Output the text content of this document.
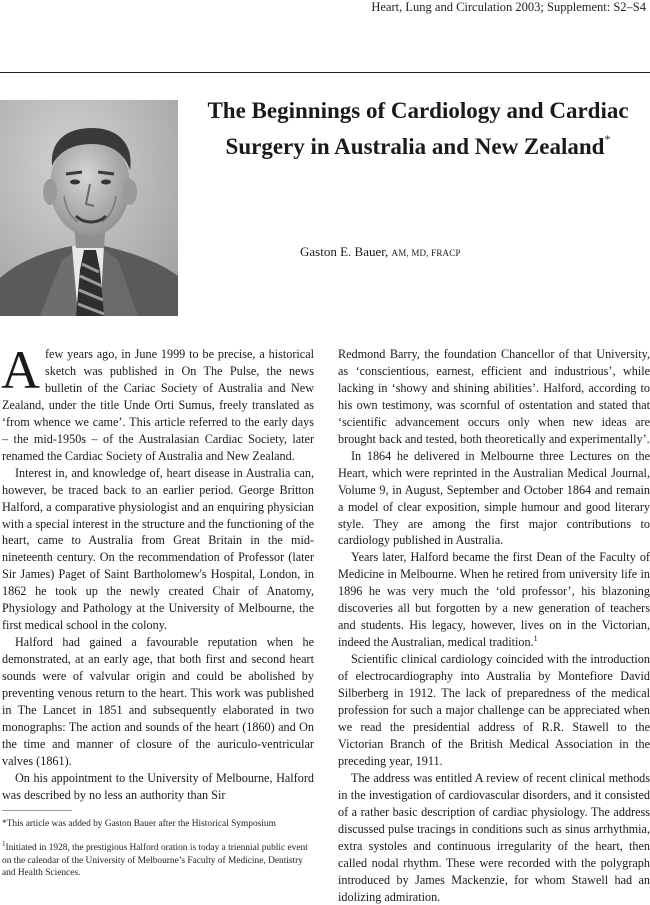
Heart, Lung and Circulation 2003; Supplement: S2–S4
The Beginnings of Cardiology and Cardiac Surgery in Australia and New Zealand*
Gaston E. Bauer, AM, MD, FRACP

Afew years ago, in June 1999 to be precise, a historical sketch was published in On The Pulse, the news bulletin of the Cariac Society of Australia and New Zealand, under the title Unde Orti Sumus, freely translated as ‘from whence we came’. This article referred to the early days – the mid-1950s – of the Australasian Cardiac Society, later renamed the Cardiac Society of Australia and New Zealand.

Interest in, and knowledge of, heart disease in Australia can, however, be traced back to an earlier period. George Britton Halford, a comparative physiologist and an enquiring physician with a special interest in the structure and the functioning of the heart, came to Australia from Great Britain in the mid-nineteenth century. On the recommendation of Professor (later Sir James) Paget of Saint Bartholomew's Hospital, London, in 1862 he took up the newly created Chair of Anatomy, Physiology and Pathology at the University of Melbourne, the first medical school in the colony.

Halford had gained a favourable reputation when he demonstrated, at an early age, that both first and second heart sounds were of valvular origin and could be abolished by preventing venous return to the heart. This work was published in The Lancet in 1851 and subsequently elaborated in two monographs: The action and sounds of the heart (1860) and On the time and manner of closure of the auriculo-ventricular valves (1861).

On his appointment to the University of Melbourne, Halford was described by no less an authority than Sir

Redmond Barry, the foundation Chancellor of that University, as ‘conscientious, earnest, efficient and industrious’, while lacking in ‘showy and shining abilities’. Halford, according to his own testimony, was scornful of ostentation and stated that ‘scientific advancement occurs only when new ideas are brought back and tested, both theoretically and experimentally’.

In 1864 he delivered in Melbourne three Lectures on the Heart, which were reprinted in the Australian Medical Journal, Volume 9, in August, September and October 1864 and remain a model of clear exposition, simple humour and good literary style. They are among the first major contributions to cardiology published in Australia.

Years later, Halford became the first Dean of the Faculty of Medicine in Melbourne. When he retired from university life in 1896 he was very much the ‘old professor’, his blazoning discoveries all but forgotten by a new generation of teachers and students. His legacy, however, lives on in the Victorian, indeed the Australian, medical tradition.$^1$

Scientific clinical cardiology coincided with the introduction of electrocardiography into Australia by Montefiore David Silberberg in 1912. The lack of preparedness of the medical profession for such a major challenge can be appreciated when we read the presidential address of R.R. Stawell to the Victorian Branch of the British Medical Association in the preceding year, 1911.

The address was entitled A review of recent clinical methods in the investigation of cardiovascular disorders, and it consisted of a rather basic description of cardiac physiology. The address discussed pulse tracings in conditions such as sinus arrhythmia, extra systoles and continuous irregularity of the heart, then called nodal rhythm. These were recorded with the polygraph introduced by James Mackenzie, for whom Stawell had an idolizing admiration.

*This article was added by Gaston Bauer after the Historical Symposium

$^1$Initiated in 1928, the prestigious Halford oration is today a triennial public event on the calendar of the University of Melbourne’s Faculty of Medicine, Dentistry and Health Sciences.
